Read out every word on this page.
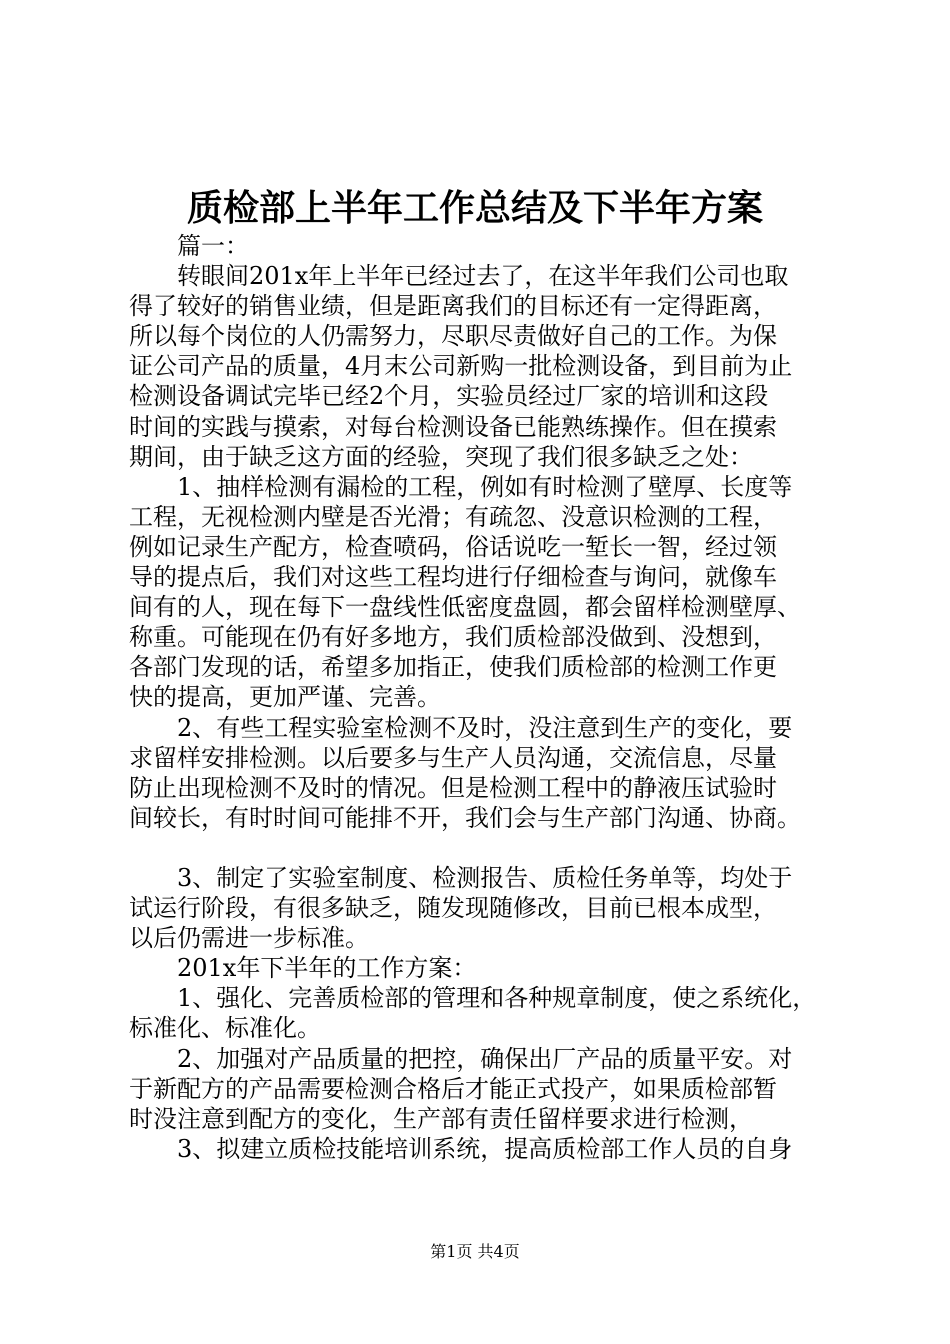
质检部上半年工作总结及下半年方案
篇一：
转眼间201x年上半年已经过去了，在这半年我们公司也取
得了较好的销售业绩，但是距离我们的目标还有一定得距离，
所以每个岗位的人仍需努力，尽职尽责做好自己的工作。为保
证公司产品的质量，4月末公司新购一批检测设备，到目前为止
检测设备调试完毕已经2个月，实验员经过厂家的培训和这段
时间的实践与摸索，对每台检测设备已能熟练操作。但在摸索
期间，由于缺乏这方面的经验，突现了我们很多缺乏之处：
1、抽样检测有漏检的工程，例如有时检测了壁厚、长度等
工程，无视检测内壁是否光滑；有疏忽、没意识检测的工程，
例如记录生产配方，检查喷码，俗话说吃一堑长一智，经过领
导的提点后，我们对这些工程均进行仔细检查与询问，就像车
间有的人，现在每下一盘线性低密度盘圆，都会留样检测壁厚、
称重。可能现在仍有好多地方，我们质检部没做到、没想到，
各部门发现的话，希望多加指正，使我们质检部的检测工作更
快的提高，更加严谨、完善。
2、有些工程实验室检测不及时，没注意到生产的变化，要
求留样安排检测。以后要多与生产人员沟通，交流信息，尽量
防止出现检测不及时的情况。但是检测工程中的静液压试验时
间较长，有时时间可能排不开，我们会与生产部门沟通、协商。
3、制定了实验室制度、检测报告、质检任务单等，均处于
试运行阶段，有很多缺乏，随发现随修改，目前已根本成型，
以后仍需进一步标准。
201x年下半年的工作方案：
1、强化、完善质检部的管理和各种规章制度，使之系统化，
标准化、标准化。
2、加强对产品质量的把控，确保出厂产品的质量平安。对
于新配方的产品需要检测合格后才能正式投产，如果质检部暂
时没注意到配方的变化，生产部有责任留样要求进行检测，
3、拟建立质检技能培训系统，提高质检部工作人员的自身
第1页 共4页
